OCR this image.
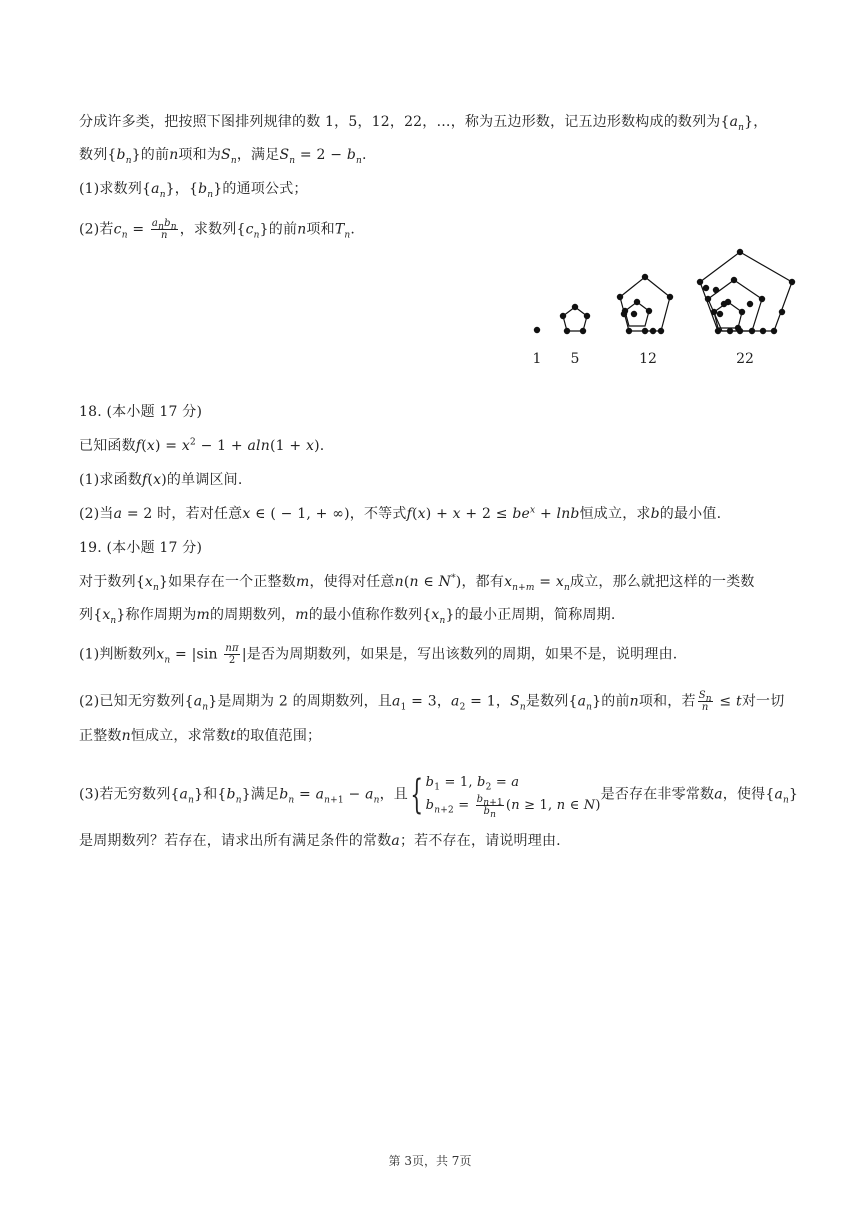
分成许多类，把按照下图排列规律的数 1，5，12，22，…，称为五边形数，记五边形数构成的数列为$\{a_n\}$，
数列$\{b_n\}$的前n项和为$S_n$，满足$S_n = 2 - b_n$.
(1)求数列$\{a_n\}$，$\{b_n\}$的通项公式；
(2)若$c_n = \frac{a_nb_n}{n}$ ，求数列$\{c_n\}$的前n项和$T_n$.
1 5	12	22
18. (本小题 17 分)
已知函数$f(x) = x^2 - 1 + aln(1 + x)$.
(1)求函数f(x)的单调区间.
(2)当a = 2 时，若对任意x ∈ ( − 1, + ∞)，不等式$f(x) + x + 2 \le be^x + \ln b$恒成立，求b的最小值.
19. (本小题 17 分)
对于数列$\{x_n\}$如果存在一个正整数m，使得对任意n(n ∈ N*)，都有$x_{n+m} = x_n$成立，那么就把这样的一类数
列$\{x_n\}$称作周期为m的周期数列，m的最小值称作数列$\{x_n\}$的最小正周期，简称周期.
(1)判断数列$x_n = |\sin \frac{n\pi}{2}$ |是否为周期数列，如果是，写出该数列的周期，如果不是，说明理由.
(2)已知无穷数列$\{a_n\}$是周期为 2 的周期数列，且$a_1 = 3$，$a_2 = 1$，$S_n$是数列$\{a_n\}$的前n项和，若 $\frac{S_n}{n} \le t$对一切
正整数n恒成立，求常数t的取值范围；
(3)若无穷数列$\{a_n\}$和$\{b_n\}$满足$b_n = a_{n+1} - a_n$，且{ $b_1 = 1$, $b_2 = a$
$b_{n+2} = \frac{b_{n+1}}{b_n} (n \ge 1$, n ∈ N)
是否存在非零常数a，使得$\{a_n\}$
是周期数列？若存在，请求出所有满足条件的常数a；若不存在，请说明理由.
第 3页，共 7页
